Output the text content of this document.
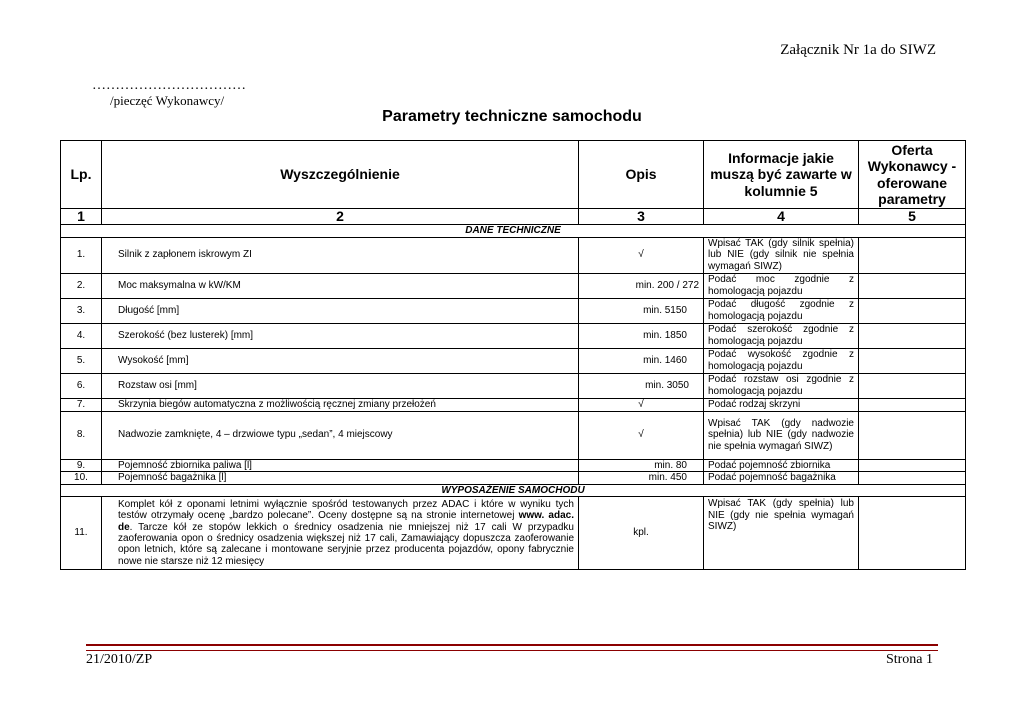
Załącznik Nr 1a do SIWZ
……………………………
/pieczęć Wykonawcy/
Parametry techniczne samochodu
Lp.	Wyszczególnienie	Opis	Informacje jakie muszą być zawarte w kolumnie 5	Oferta Wykonawcy - oferowane parametry
1	2	3	4	5
DANE TECHNICZNE				
1.	Silnik z zapłonem iskrowym ZI	√	Wpisać TAK (gdy silnik spełnia) lub NIE (gdy silnik nie spełnia wymagań SIWZ)	
2.	Moc maksymalna w kW/KM	min. 200 / 272	Podać moc zgodnie z homologacją pojazdu	
3.	Długość [mm]	min. 5150	Podać długość zgodnie z homologacją pojazdu	
4.	Szerokość (bez lusterek) [mm]	min. 1850	Podać szerokość zgodnie z homologacją pojazdu	
5.	Wysokość [mm]	min. 1460	Podać wysokość zgodnie z homologacją pojazdu	
6.	Rozstaw osi [mm]	min. 3050	Podać rozstaw osi zgodnie z homologacją pojazdu	
7.	Skrzynia biegów automatyczna z możliwością ręcznej zmiany przełożeń	√	Podać rodzaj skrzyni	
8.	Nadwozie zamknięte, 4 – drzwiowe typu „sedan”, 4 miejscowy	√	Wpisać TAK (gdy nadwozie spełnia) lub NIE (gdy nadwozie nie spełnia wymagań SIWZ)	
9.	Pojemność zbiornika paliwa [l]	min. 80	Podać pojemność zbiornika	
10.	Pojemność bagażnika [l]	min. 450	Podać pojemność bagażnika	
WYPOSAŻENIE SAMOCHODU				
11.	Komplet kół z oponami letnimi wyłącznie spośród testowanych przez ADAC i które w wyniku tych testów otrzymały ocenę „bardzo polecane”. Oceny dostępne są na stronie internetowej www. adac. de. Tarcze kół ze stopów lekkich o średnicy osadzenia nie mniejszej niż 17 cali W przypadku zaoferowania opon o średnicy osadzenia większej niż 17 cali, Zamawiający dopuszcza zaoferowanie opon letnich, które są zalecane i montowane seryjnie przez producenta pojazdów, opony fabrycznie nowe nie starsze niż 12 miesięcy	kpl.	Wpisać TAK (gdy spełnia) lub NIE (gdy nie spełnia wymagań SIWZ)	
21/2010/ZP	Strona 1
